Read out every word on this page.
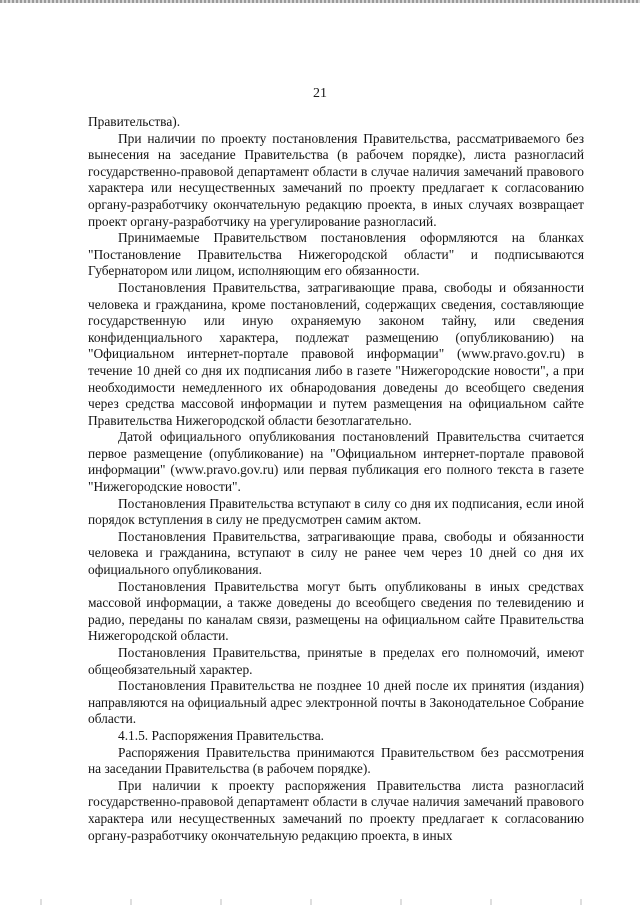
21

Правительства).

При наличии по проекту постановления Правительства, рассматриваемого без вынесения на заседание Правительства (в рабочем порядке), листа разногласий государственно-правовой департамент области в случае наличия замечаний правового характера или несущественных замечаний по проекту предлагает к согласованию органу-разработчику окончательную редакцию проекта, в иных случаях возвращает проект органу-разработчику на урегулирование разногласий.

Принимаемые Правительством постановления оформляются на бланках "Постановление Правительства Нижегородской области" и подписываются Губернатором или лицом, исполняющим его обязанности.

Постановления Правительства, затрагивающие права, свободы и обязанности человека и гражданина, кроме постановлений, содержащих сведения, составляющие государственную или иную охраняемую законом тайну, или сведения конфиденциального характера, подлежат размещению (опубликованию) на "Официальном интернет-портале правовой информации" (www.pravo.gov.ru) в течение 10 дней со дня их подписания либо в газете "Нижегородские новости", а при необходимости немедленного их обнародования доведены до всеобщего сведения через средства массовой информации и путем размещения на официальном сайте Правительства Нижегородской области безотлагательно.

Датой официального опубликования постановлений Правительства считается первое размещение (опубликование) на "Официальном интернет-портале правовой информации" (www.pravo.gov.ru) или первая публикация его полного текста в газете "Нижегородские новости".

Постановления Правительства вступают в силу со дня их подписания, если иной порядок вступления в силу не предусмотрен самим актом.

Постановления Правительства, затрагивающие права, свободы и обязанности человека и гражданина, вступают в силу не ранее чем через 10 дней со дня их официального опубликования.

Постановления Правительства могут быть опубликованы в иных средствах массовой информации, а также доведены до всеобщего сведения по телевидению и радио, переданы по каналам связи, размещены на официальном сайте Правительства Нижегородской области.

Постановления Правительства, принятые в пределах его полномочий, имеют общеобязательный характер.

Постановления Правительства не позднее 10 дней после их принятия (издания) направляются на официальный адрес электронной почты в Законодательное Собрание области.

4.1.5. Распоряжения Правительства.

Распоряжения Правительства принимаются Правительством без рассмотрения на заседании Правительства (в рабочем порядке).

При наличии к проекту распоряжения Правительства листа разногласий государственно-правовой департамент области в случае наличия замечаний правового характера или несущественных замечаний по проекту предлагает к согласованию органу-разработчику окончательную редакцию проекта, в иных
